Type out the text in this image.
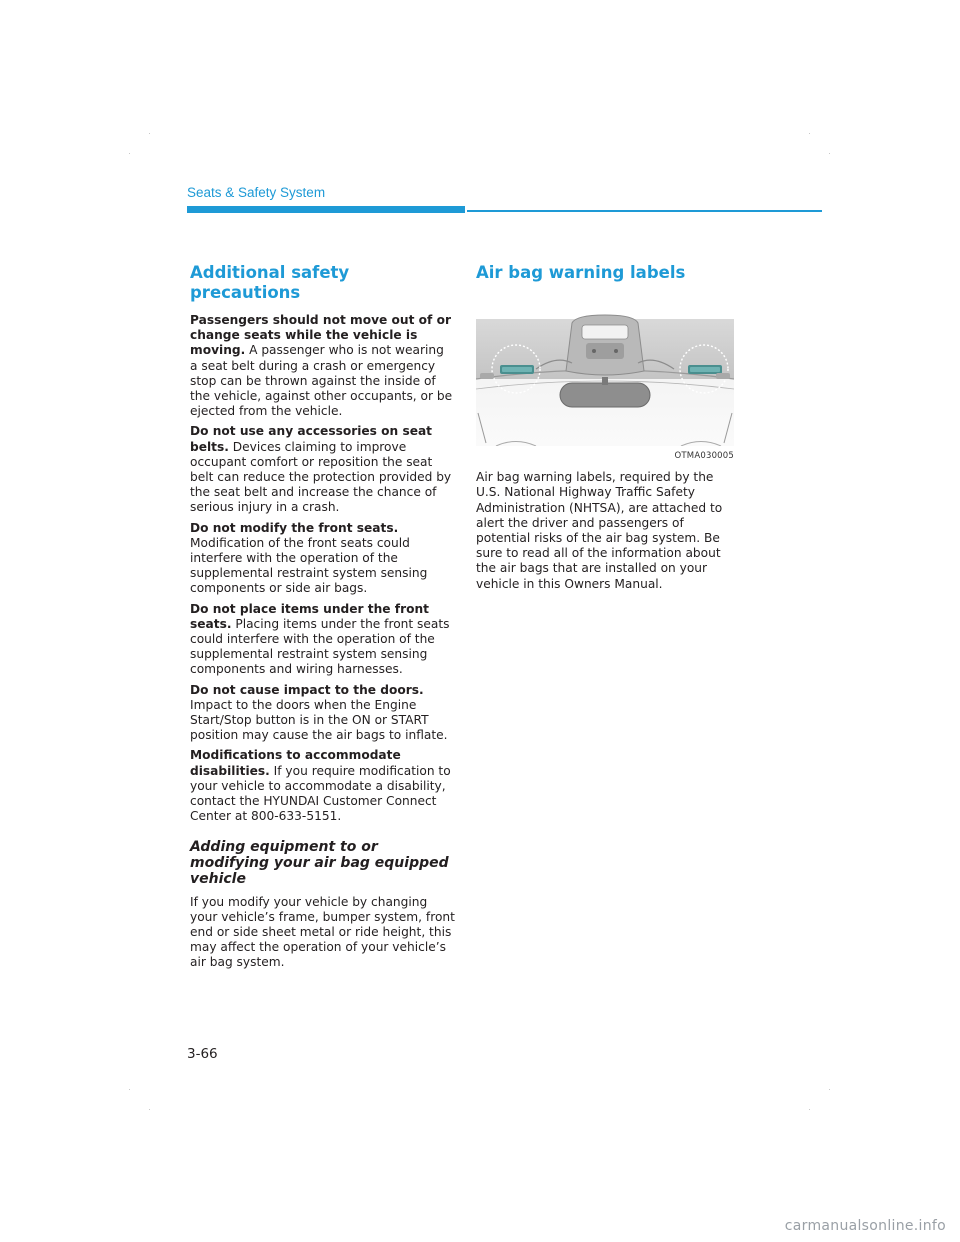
Seats & Safety System
Additional safety precautions

Passengers should not move out of or change seats while the vehicle is moving. A passenger who is not wearing a seat belt during a crash or emergency stop can be thrown against the inside of the vehicle, against other occupants, or be ejected from the vehicle.

Do not use any accessories on seat belts. Devices claiming to improve occupant comfort or reposition the seat belt can reduce the protection provided by the seat belt and increase the chance of serious injury in a crash.

Do not modify the front seats. Modification of the front seats could interfere with the operation of the supplemental restraint system sensing components or side air bags.

Do not place items under the front seats. Placing items under the front seats could interfere with the operation of the supplemental restraint system sensing components and wiring harnesses.

Do not cause impact to the doors. Impact to the doors when the Engine Start/Stop button is in the ON or START position may cause the air bags to inflate.

Modifications to accommodate disabilities. If you require modification to your vehicle to accommodate a disability, contact the HYUNDAI Customer Connect Center at 800-633-5151.

Adding equipment to or modifying your air bag equipped vehicle

If you modify your vehicle by changing your vehicle’s frame, bumper system, front end or side sheet metal or ride height, this may affect the operation of your vehicle’s air bag system.

Air bag warning labels
OTMA030005

Air bag warning labels, required by the U.S. National Highway Traffic Safety Administration (NHTSA), are attached to alert the driver and passengers of potential risks of the air bag system. Be sure to read all of the information about the air bags that are installed on your vehicle in this Owners Manual.

3-66
carmanualsonline.info
